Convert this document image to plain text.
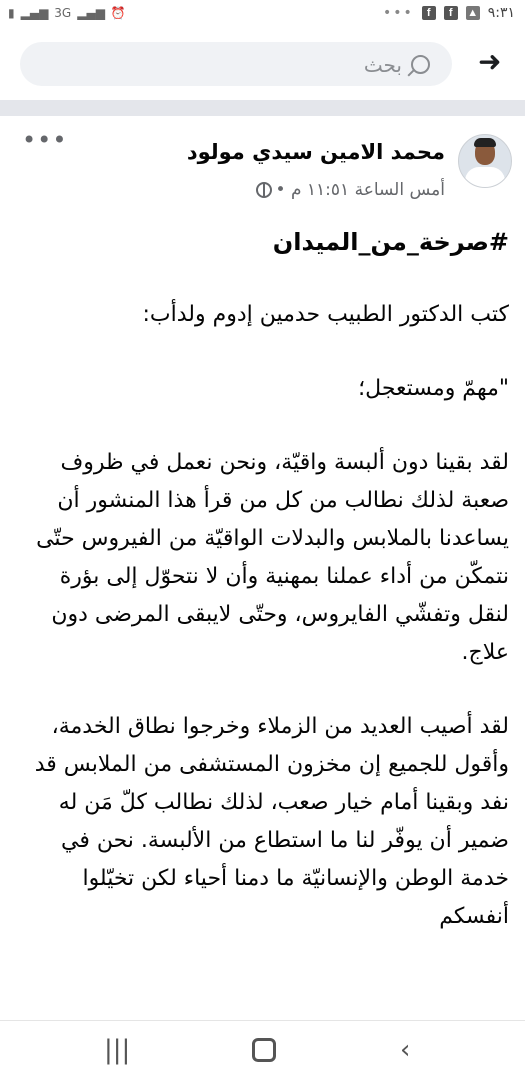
▮ ▂▄▆ 3G ▂▄▆ ⏰	•••	f	f	▲ ٩:٣١
بحث	➜
محمد الامين سيدي مولود
أمس الساعة ١١:٥١ م •
•••
#صرخة_من_الميدان

كتب الدكتور الطبيب حدمين إدوم ولدأب:

"مهمّ ومستعجل؛

لقد بقينا دون ألبسة واقيّة، ونحن نعمل في ظروف صعبة لذلك نطالب من كل من قرأ هذا المنشور أن يساعدنا بالملابس والبدلات الواقيّة من الفيروس حتّى نتمكّن من أداء عملنا بمهنية وأن لا نتحوّل إلى بؤرة لنقل وتفشّي الفايروس، وحتّى لايبقى المرضى دون علاج.

لقد أصيب العديد من الزملاء وخرجوا نطاق الخدمة، وأقول للجميع إن مخزون المستشفى من الملابس قد نفد وبقينا أمام خيار صعب، لذلك نطالب كلّ مَن له ضمير أن يوفّر لنا ما استطاع من الألبسة. نحن في خدمة الوطن والإنسانيّة ما دمنا أحياء لكن تخيّلوا أنفسكم

|||	‹
